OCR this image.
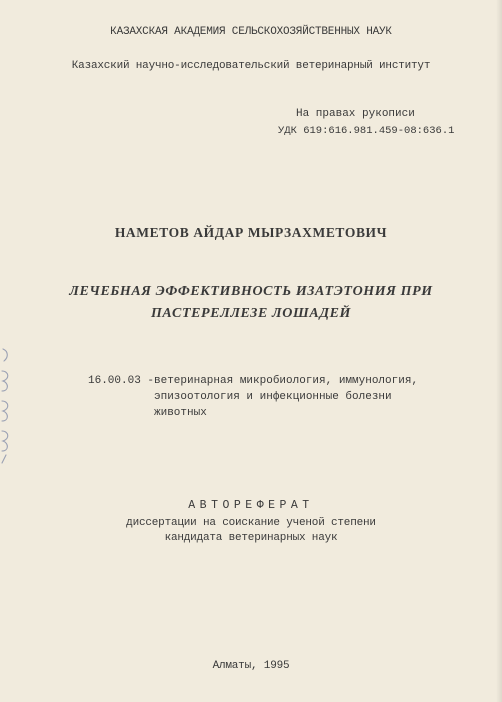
КАЗАХСКАЯ АКАДЕМИЯ СЕЛЬСКОХОЗЯЙСТВЕННЫХ НАУК
Казахский научно-исследовательский ветеринарный институт
На правах рукописи
УДК 619:616.981.459-08:636.1
НАМЕТОВ АЙДАР МЫРЗАХМЕТОВИЧ
ЛЕЧЕБНАЯ ЭФФЕКТИВНОСТЬ ИЗАТЭТОНИЯ ПРИ
ПАСТЕРЕЛЛЕЗЕ ЛОШАДЕЙ
16.00.03 - ветеринарная микробиология, иммунология,
эпизоотология и инфекционные болезни
животных
АВТОРЕФЕРАТ
диссертации на соискание ученой степени
кандидата ветеринарных наук
Алматы, 1995
